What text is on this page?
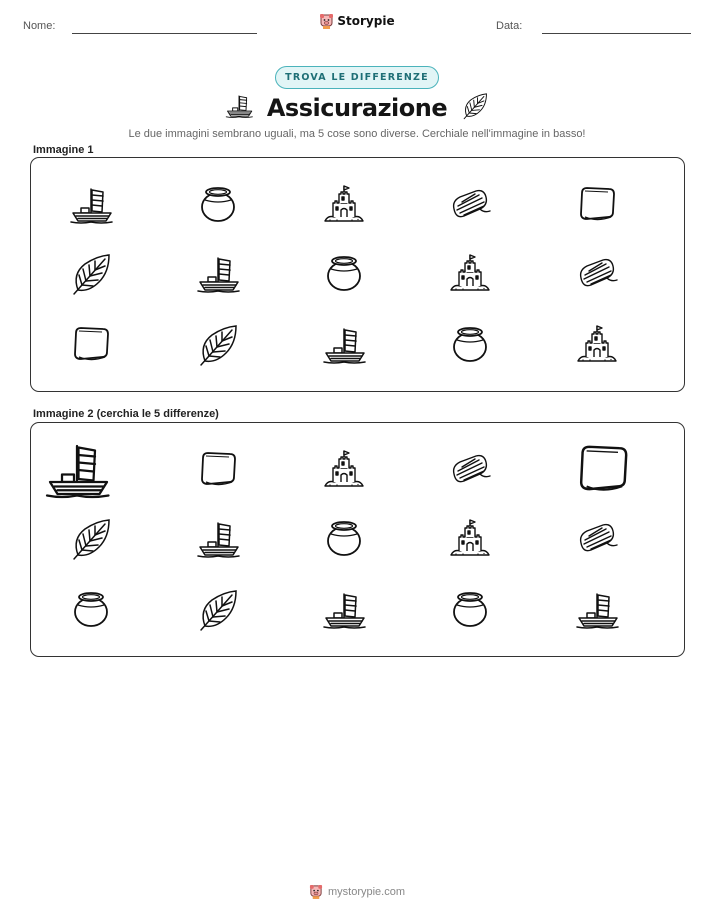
Nome:	Storypie	Data:
TROVA LE DIFFERENZE
Assicurazione
Le due immagini sembrano uguali, ma 5 cose sono diverse. Cerchiale nell'immagine in basso!
Immagine 1
Immagine 2 (cerchia le 5 differenze)
mystorypie.com
